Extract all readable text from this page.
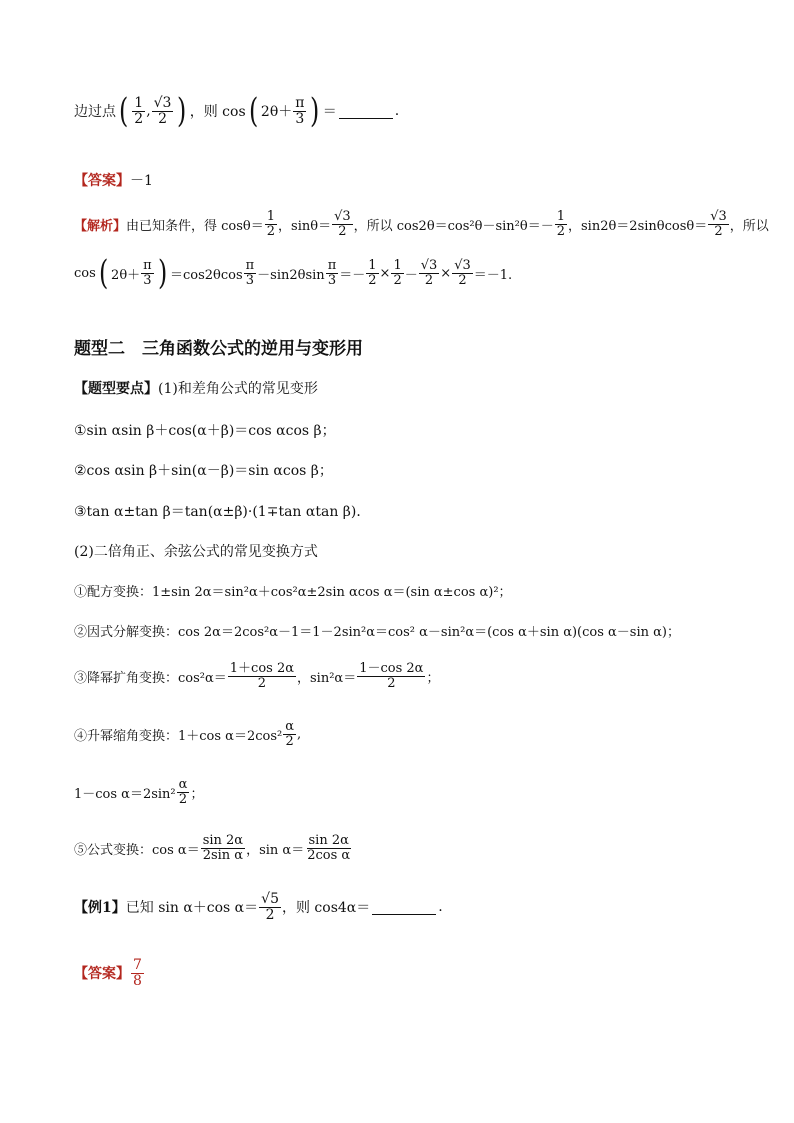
边过点 ( $\frac{1}{2}$ , $\frac{√3}{2}$ ) ，则 cos ( $2\theta+ \frac{\pi}{3}$ ) ＝	.
【答案】 －1
【解析】 由已知条件，得 $\cos\theta= \frac{1}{2}$ ，$\sin\theta= \frac{√3}{2}$ ，所以 $\cos 2\theta=\cos^2\theta-\sin^2\theta=- \frac{1}{2}$ ，$\sin 2\theta=2\sin\theta\cos\theta= \frac{√3}{2}$ ，所以
cos ( $2\theta+ \frac{\pi}{3}$ ) $=\cos 2\theta\cos \frac{\pi}{3} -\sin 2\theta\sin \frac{\pi}{3} =- \frac{1}{2} \times \frac{1}{2} - \frac{√3}{2} \times \frac{√3}{2} =-1$.
题型二　三角函数公式的逆用与变形用
【题型要点】 (1)和差角公式的常见变形
①sin αsin β＋cos(α＋β)＝cos αcos β；
②cos αsin β＋sin(α－β)＝sin αcos β；
③tan α±tan β＝tan(α±β)·(1∓tan αtan β)．
(2)二倍角正、余弦公式的常见变换方式
①配方变换：1±sin 2α＝sin²α＋cos²α±2sin αcos α＝(sin α±cos α)²；
②因式分解变换：cos 2α＝2cos²α－1＝1－2sin²α＝cos² α－sin²α＝(cos α＋sin α)(cos α－sin α)；
③降幂扩角变换：$\cos^2\alpha= \frac{1+\cos 2\alpha}{2}$ ，$\sin^2\alpha= \frac{1-\cos 2\alpha}{2}$ ；
④升幂缩角变换：1＋cos $\alpha=2\cos^2 \frac{\alpha}{2}$ ,
1－cos $\alpha=2\sin^2 \frac{\alpha}{2}$ ；
⑤公式变换：$\cos \alpha= \frac{\sin 2\alpha}{\text{2sin α}}$ ，$\sin \alpha= \frac{\sin 2\alpha}{\text{2cos α}}$
【例1】 已知 sin α＋cos $\alpha= \frac{√5}{2}$ ，则 cos4α＝	.
【答案】 $\frac{7}{8}$
